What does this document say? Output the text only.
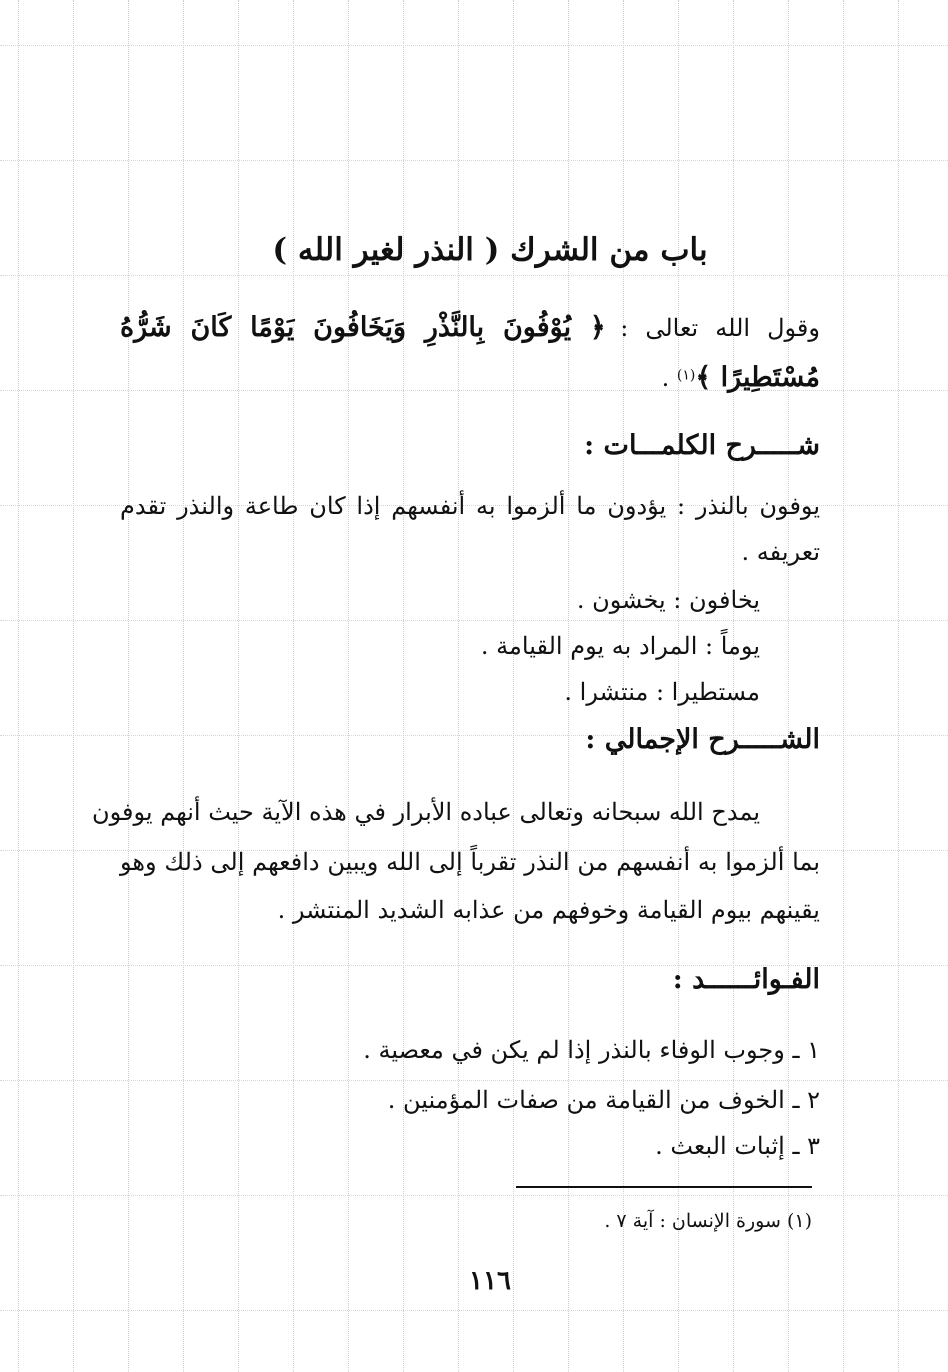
باب من الشرك ( النذر لغير الله )
وقول الله تعالى : ﴿ يُوْفُونَ بِالنَّذْرِ وَيَخَافُونَ يَوْمًا كَانَ شَرُّهُ
مُسْتَطِيرًا ﴾$^{(١)}$ .
شـــــرح الكلمـــات :
يوفون بالنذر : يؤدون ما ألزموا به أنفسهم إذا كان طاعة والنذر تقدم
تعريفه .
يخافون : يخشون .
يوماً : المراد به يوم القيامة .
مستطيرا : منتشرا .
الشـــــرح الإجمالي :
يمدح الله سبحانه وتعالى عباده الأبرار في هذه الآية حيث أنهم يوفون
بما ألزموا به أنفسهم من النذر تقرباً إلى الله ويبين دافعهم إلى ذلك وهو
يقينهم بيوم القيامة وخوفهم من عذابه الشديد المنتشر .
الفـوائــــــد :
١ ـ وجوب الوفاء بالنذر إذا لم يكن في معصية .
٢ ـ الخوف من القيامة من صفات المؤمنين .
٣ ـ إثبات البعث .
(١) سورة الإنسان : آية ٧ .
١١٦
